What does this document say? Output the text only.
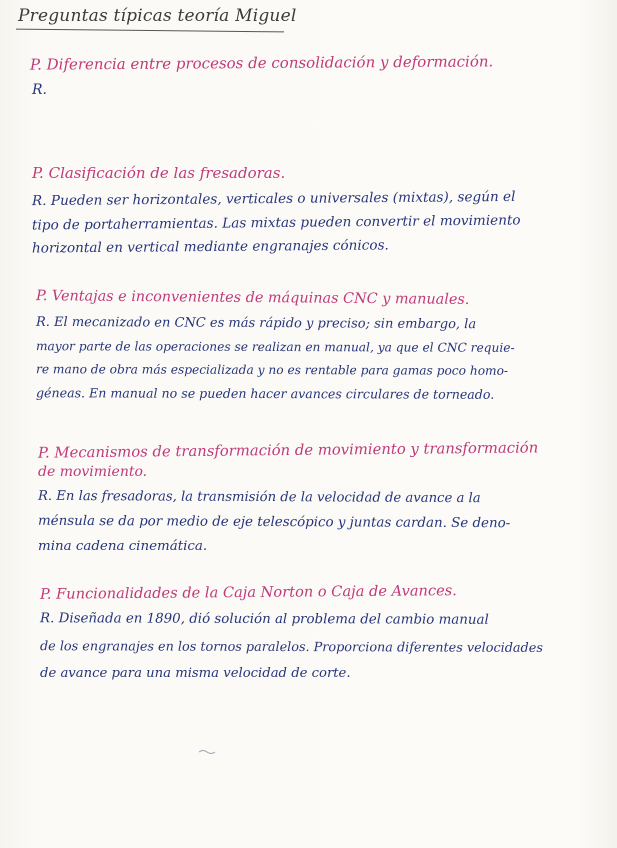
Preguntas típicas teoría Miguel
P. Diferencia entre procesos de consolidación y deformación.
R.
P. Clasificación de las fresadoras.
R. Pueden ser horizontales, verticales o universales (mixtas), según el
tipo de portaherramientas. Las mixtas pueden convertir el movimiento
horizontal en vertical mediante engranajes cónicos.
P. Ventajas e inconvenientes de máquinas CNC y manuales.
R. El mecanizado en CNC es más rápido y preciso; sin embargo, la
mayor parte de las operaciones se realizan en manual, ya que el CNC requie-
re mano de obra más especializada y no es rentable para gamas poco homo-
géneas. En manual no se pueden hacer avances circulares de torneado.
P. Mecanismos de transformación de movimiento y transformación
de movimiento.
R. En las fresadoras, la transmisión de la velocidad de avance a la
ménsula se da por medio de eje telescópico y juntas cardan. Se deno-
mina cadena cinemática.
P. Funcionalidades de la Caja Norton o Caja de Avances.
R. Diseñada en 1890, dió solución al problema del cambio manual
de los engranajes en los tornos paralelos. Proporciona diferentes velocidades
de avance para una misma velocidad de corte.
